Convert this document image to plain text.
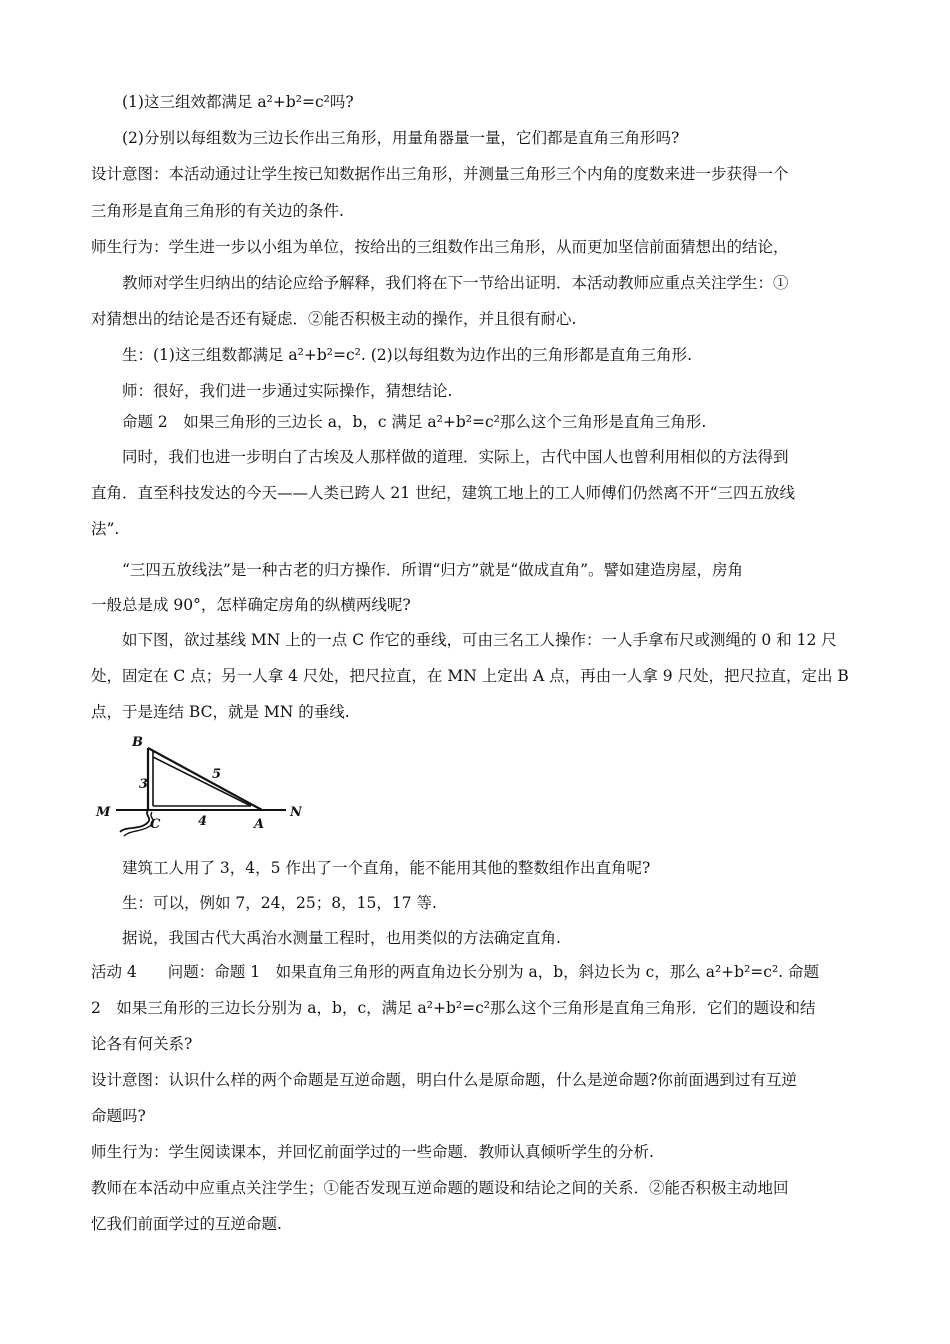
(1)这三组效都满足 a²+b²=c²吗?
(2)分别以每组数为三边长作出三角形，用量角器量一量，它们都是直角三角形吗?
设计意图：本活动通过让学生按已知数据作出三角形，并测量三角形三个内角的度数来进一步获得一个
三角形是直角三角形的有关边的条件.
师生行为：学生进一步以小组为单位，按给出的三组数作出三角形，从而更加坚信前面猜想出的结论，
教师对学生归纳出的结论应给予解释，我们将在下一节给出证明．本活动教师应重点关注学生：①
对猜想出的结论是否还有疑虑．②能否积极主动的操作，并且很有耐心.
生：(1)这三组数都满足 a²+b²=c². (2)以每组数为边作出的三角形都是直角三角形.
师：很好，我们进一步通过实际操作，猜想结论.
命题 2　如果三角形的三边长 a，b，c 满足 a²+b²=c²那么这个三角形是直角三角形.
同时，我们也进一步明白了古埃及人那样做的道理．实际上，古代中国人也曾利用相似的方法得到
直角．直至科技发达的今天——人类已跨人 21 世纪，建筑工地上的工人师傅们仍然离不开“三四五放线
法”.
“三四五放线法”是一种古老的归方操作．所谓“归方”就是“做成直角”。譬如建造房屋，房角
一般总是成 90°，怎样确定房角的纵横两线呢?
如下图，欲过基线 MN 上的一点 C 作它的垂线，可由三名工人操作：一人手拿布尺或测绳的 0 和 12 尺
处，固定在 C 点；另一人拿 4 尺处，把尺拉直，在 MN 上定出 A 点，再由一人拿 9 尺处，把尺拉直，定出 B
点，于是连结 BC，就是 MN 的垂线.
B
M
C	A
N
3
4
5
建筑工人用了 3，4，5 作出了一个直角，能不能用其他的整数组作出直角呢?
生：可以，例如 7，24，25；8，15，17 等.
据说，我国古代大禹治水测量工程时，也用类似的方法确定直角.
活动 4　　问题：命题 1　如果直角三角形的两直角边长分别为 a，b，斜边长为 c，那么 a²+b²=c². 命题
2　如果三角形的三边长分别为 a，b，c，满足 a²+b²=c²那么这个三角形是直角三角形．它们的题设和结
论各有何关系?
设计意图：认识什么样的两个命题是互逆命题，明白什么是原命题，什么是逆命题?你前面遇到过有互逆
命题吗?
师生行为：学生阅读课本，并回忆前面学过的一些命题．教师认真倾听学生的分析.
教师在本活动中应重点关注学生；①能否发现互逆命题的题设和结论之间的关系．②能否积极主动地回
忆我们前面学过的互逆命题.
